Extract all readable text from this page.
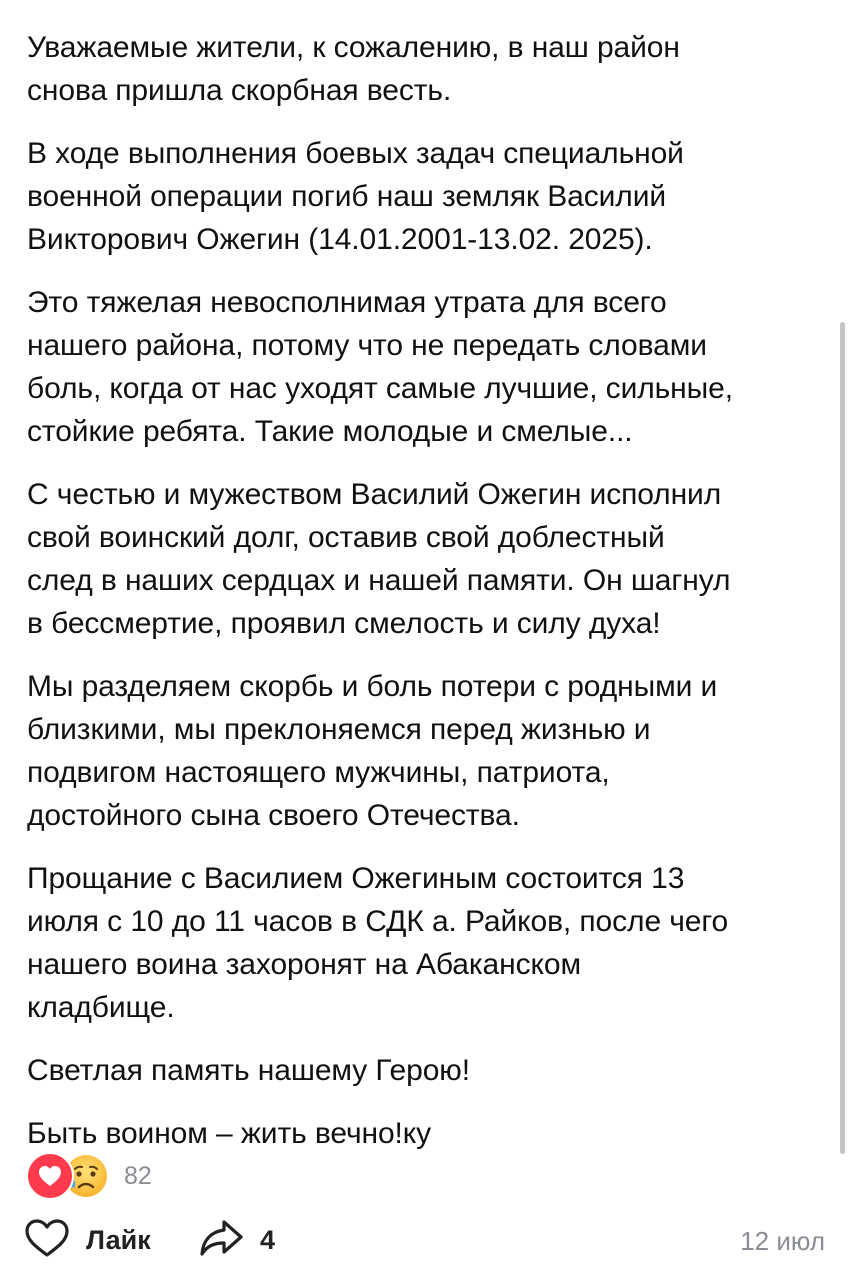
Уважаемые жители, к сожалению, в наш район
снова пришла скорбная весть.

В ходе выполнения боевых задач специальной
военной операции погиб наш земляк Василий
Викторович Ожегин (14.01.2001-13.02. 2025).

Это тяжелая невосполнимая утрата для всего
нашего района, потому что не передать словами
боль, когда от нас уходят самые лучшие, сильные,
стойкие ребята. Такие молодые и смелые...

С честью и мужеством Василий Ожегин исполнил
свой воинский долг, оставив свой доблестный
след в наших сердцах и нашей памяти. Он шагнул
в бессмертие, проявил смелость и силу духа!

Мы разделяем скорбь и боль потери с родными и
близкими, мы преклоняемся перед жизнью и
подвигом настоящего мужчины, патриота,
достойного сына своего Отечества.

Прощание с Василием Ожегиным состоится 13
июля с 10 до 11 часов в СДК а. Райков, после чего
нашего воина захоронят на Абаканском
кладбище.

Светлая память нашему Герою!

Быть воином – жить вечно!ку

82
Лайк	4	12 июл
